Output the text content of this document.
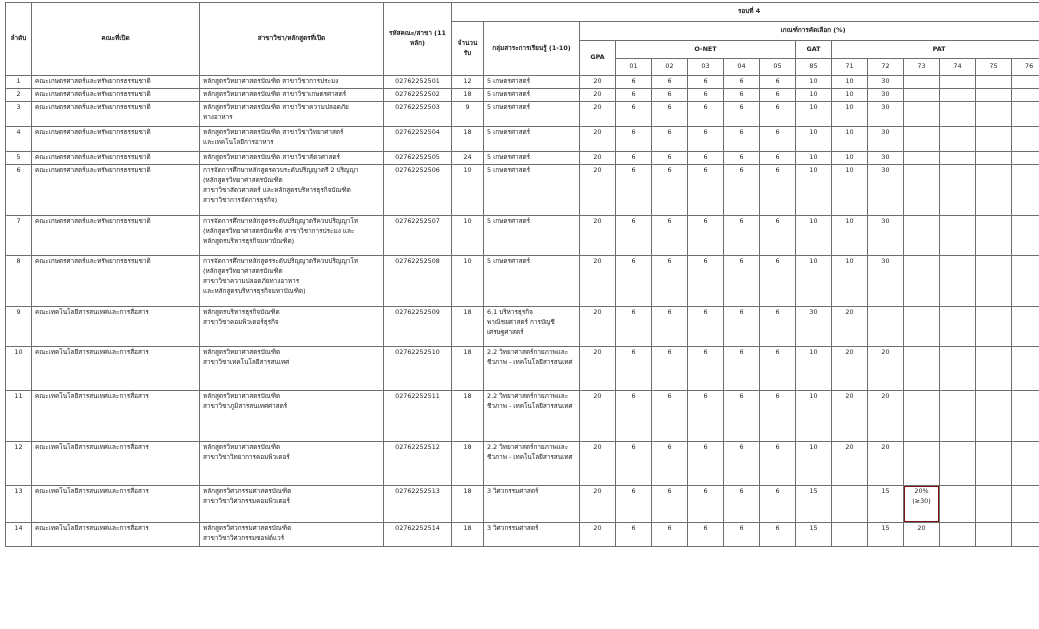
ลำดับ	คณะที่เปิด	สาขาวิชา/หลักสูตรที่เปิด	รหัสคณะ/สาขา (11 หลัก)	รอบที่ 4														
				จำนวนรับ	กลุ่มสาระการเรียนรู้ (1-10)	เกณฑ์การคัดเลือก (%)												
						GPA	O-NET					GAT	PAT					
							01	02	03	04	05	85	71	72	73	74	75	76
1	คณะเกษตรศาสตร์และทรัพยากรธรรมชาติ	หลักสูตรวิทยาศาสตรบัณฑิต สาขาวิชาการประมง	02762252501	12	5 เกษตรศาสตร์	20	6	6	6	6	6	10	10	30				
2	คณะเกษตรศาสตร์และทรัพยากรธรรมชาติ	หลักสูตรวิทยาศาสตรบัณฑิต สาขาวิชาเกษตรศาสตร์	02762252502	18	5 เกษตรศาสตร์	20	6	6	6	6	6	10	10	30				
3	คณะเกษตรศาสตร์และทรัพยากรธรรมชาติ	หลักสูตรวิทยาศาสตรบัณฑิต สาขาวิชาความปลอดภัย
ทางอาหาร	02762252503	9	5 เกษตรศาสตร์	20	6	6	6	6	6	10	10	30				
4	คณะเกษตรศาสตร์และทรัพยากรธรรมชาติ	หลักสูตรวิทยาศาสตรบัณฑิต สาขาวิชาวิทยาศาสตร์
และเทคโนโลยีการอาหาร	02762252504	18	5 เกษตรศาสตร์	20	6	6	6	6	6	10	10	30				
5	คณะเกษตรศาสตร์และทรัพยากรธรรมชาติ	หลักสูตรวิทยาศาสตรบัณฑิต สาขาวิชาสัตวศาสตร์	02762252505	24	5 เกษตรศาสตร์	20	6	6	6	6	6	10	10	30				
6	คณะเกษตรศาสตร์และทรัพยากรธรรมชาติ	การจัดการศึกษาหลักสูตรควบระดับปริญญาตรี 2 ปริญญา
(หลักสูตรวิทยาศาสตรบัณฑิต
สาขาวิชาสัตวศาสตร์ และหลักสูตรบริหารธุรกิจบัณฑิต
สาขาวิชาการจัดการธุรกิจ)	02762252506	10	5 เกษตรศาสตร์	20	6	6	6	6	6	10	10	30				
7	คณะเกษตรศาสตร์และทรัพยากรธรรมชาติ	การจัดการศึกษาหลักสูตรระดับปริญญาตรีควบปริญญาโท
(หลักสูตรวิทยาศาสตรบัณฑิต สาขาวิชาการประมง และ
หลักสูตรบริหารธุรกิจมหาบัณฑิต)	02762252507	10	5 เกษตรศาสตร์	20	6	6	6	6	6	10	10	30				
8	คณะเกษตรศาสตร์และทรัพยากรธรรมชาติ	การจัดการศึกษาหลักสูตรระดับปริญญาตรีควบปริญญาโท
(หลักสูตรวิทยาศาสตรบัณฑิต
สาขาวิชาความปลอดภัยทางอาหาร
และหลักสูตรบริหารธุรกิจมหาบัณฑิต)	02762252508	10	5 เกษตรศาสตร์	20	6	6	6	6	6	10	10	30				
9	คณะเทคโนโลยีสารสนเทศและการสื่อสาร	หลักสูตรบริหารธุรกิจบัณฑิต
สาขาวิชาคอมพิวเตอร์ธุรกิจ	02762252509	18	6.1 บริหารธุรกิจ
พาณิชยศาสตร์ การบัญชี
เศรษฐศาสตร์	20	6	6	6	6	6	30	20					
10	คณะเทคโนโลยีสารสนเทศและการสื่อสาร	หลักสูตรวิทยาศาสตรบัณฑิต
สาขาวิชาเทคโนโลยีสารสนเทศ	02762252510	18	2.2 วิทยาศาสตร์กายภาพและ
ชีวภาพ - เทคโนโลยีสารสนเทศ	20	6	6	6	6	6	10	20	20				
11	คณะเทคโนโลยีสารสนเทศและการสื่อสาร	หลักสูตรวิทยาศาสตรบัณฑิต
สาขาวิชาภูมิสารสนเทศศาสตร์	02762252511	18	2.2 วิทยาศาสตร์กายภาพและ
ชีวภาพ - เทคโนโลยีสารสนเทศ	20	6	6	6	6	6	10	20	20				
12	คณะเทคโนโลยีสารสนเทศและการสื่อสาร	หลักสูตรวิทยาศาสตรบัณฑิต
สาขาวิชาวิทยาการคอมพิวเตอร์	02762252512	18	2.2 วิทยาศาสตร์กายภาพและ
ชีวภาพ - เทคโนโลยีสารสนเทศ	20	6	6	6	6	6	10	20	20				
13	คณะเทคโนโลยีสารสนเทศและการสื่อสาร	หลักสูตรวิศวกรรมศาสตรบัณฑิต
สาขาวิชาวิศวกรรมคอมพิวเตอร์	02762252513	18	3 วิศวกรรมศาสตร์	20	6	6	6	6	6	15		15	20%
(≥30)			

14	คณะเทคโนโลยีสารสนเทศและการสื่อสาร	หลักสูตรวิศวกรรมศาสตรบัณฑิต
สาขาวิชาวิศวกรรมซอฟต์แวร์	02762252514	18	3 วิศวกรรมศาสตร์	20	6	6	6	6	6	15		15	20			
